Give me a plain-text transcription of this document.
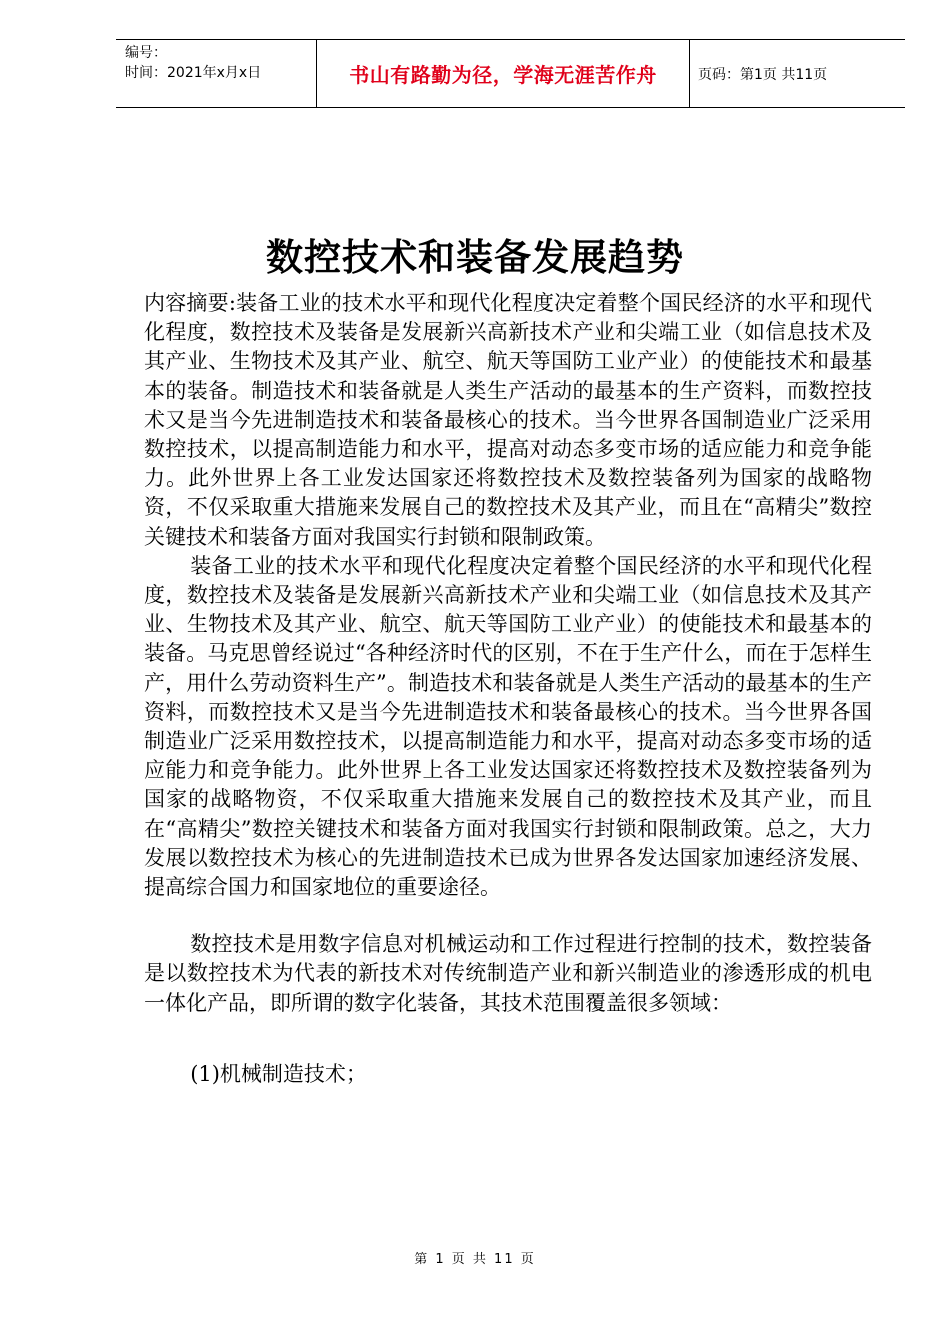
编号：
时间：2021年x月x日	书山有路勤为径，学海无涯苦作舟	页码：第1页 共11页
数控技术和装备发展趋势

内容摘要:装备工业的技术水平和现代化程度决定着整个国民经济的水平和现代化程度，数控技术及装备是发展新兴高新技术产业和尖端工业（如信息技术及其产业、生物技术及其产业、航空、航天等国防工业产业）的使能技术和最基本的装备。制造技术和装备就是人类生产活动的最基本的生产资料，而数控技术又是当今先进制造技术和装备最核心的技术。当今世界各国制造业广泛采用数控技术，以提高制造能力和水平，提高对动态多变市场的适应能力和竞争能力。此外世界上各工业发达国家还将数控技术及数控装备列为国家的战略物资，不仅采取重大措施来发展自己的数控技术及其产业，而且在“高精尖”数控关键技术和装备方面对我国实行封锁和限制政策。

装备工业的技术水平和现代化程度决定着整个国民经济的水平和现代化程度，数控技术及装备是发展新兴高新技术产业和尖端工业（如信息技术及其产业、生物技术及其产业、航空、航天等国防工业产业）的使能技术和最基本的装备。马克思曾经说过“各种经济时代的区别，不在于生产什么，而在于怎样生产，用什么劳动资料生产”。制造技术和装备就是人类生产活动的最基本的生产资料，而数控技术又是当今先进制造技术和装备最核心的技术。当今世界各国制造业广泛采用数控技术，以提高制造能力和水平，提高对动态多变市场的适应能力和竞争能力。此外世界上各工业发达国家还将数控技术及数控装备列为国家的战略物资，不仅采取重大措施来发展自己的数控技术及其产业，而且在“高精尖”数控关键技术和装备方面对我国实行封锁和限制政策。总之，大力发展以数控技术为核心的先进制造技术已成为世界各发达国家加速经济发展、提高综合国力和国家地位的重要途径。

数控技术是用数字信息对机械运动和工作过程进行控制的技术，数控装备是以数控技术为代表的新技术对传统制造产业和新兴制造业的渗透形成的机电一体化产品，即所谓的数字化装备，其技术范围覆盖很多领域：

(1)机械制造技术；

第 1 页 共 11 页
